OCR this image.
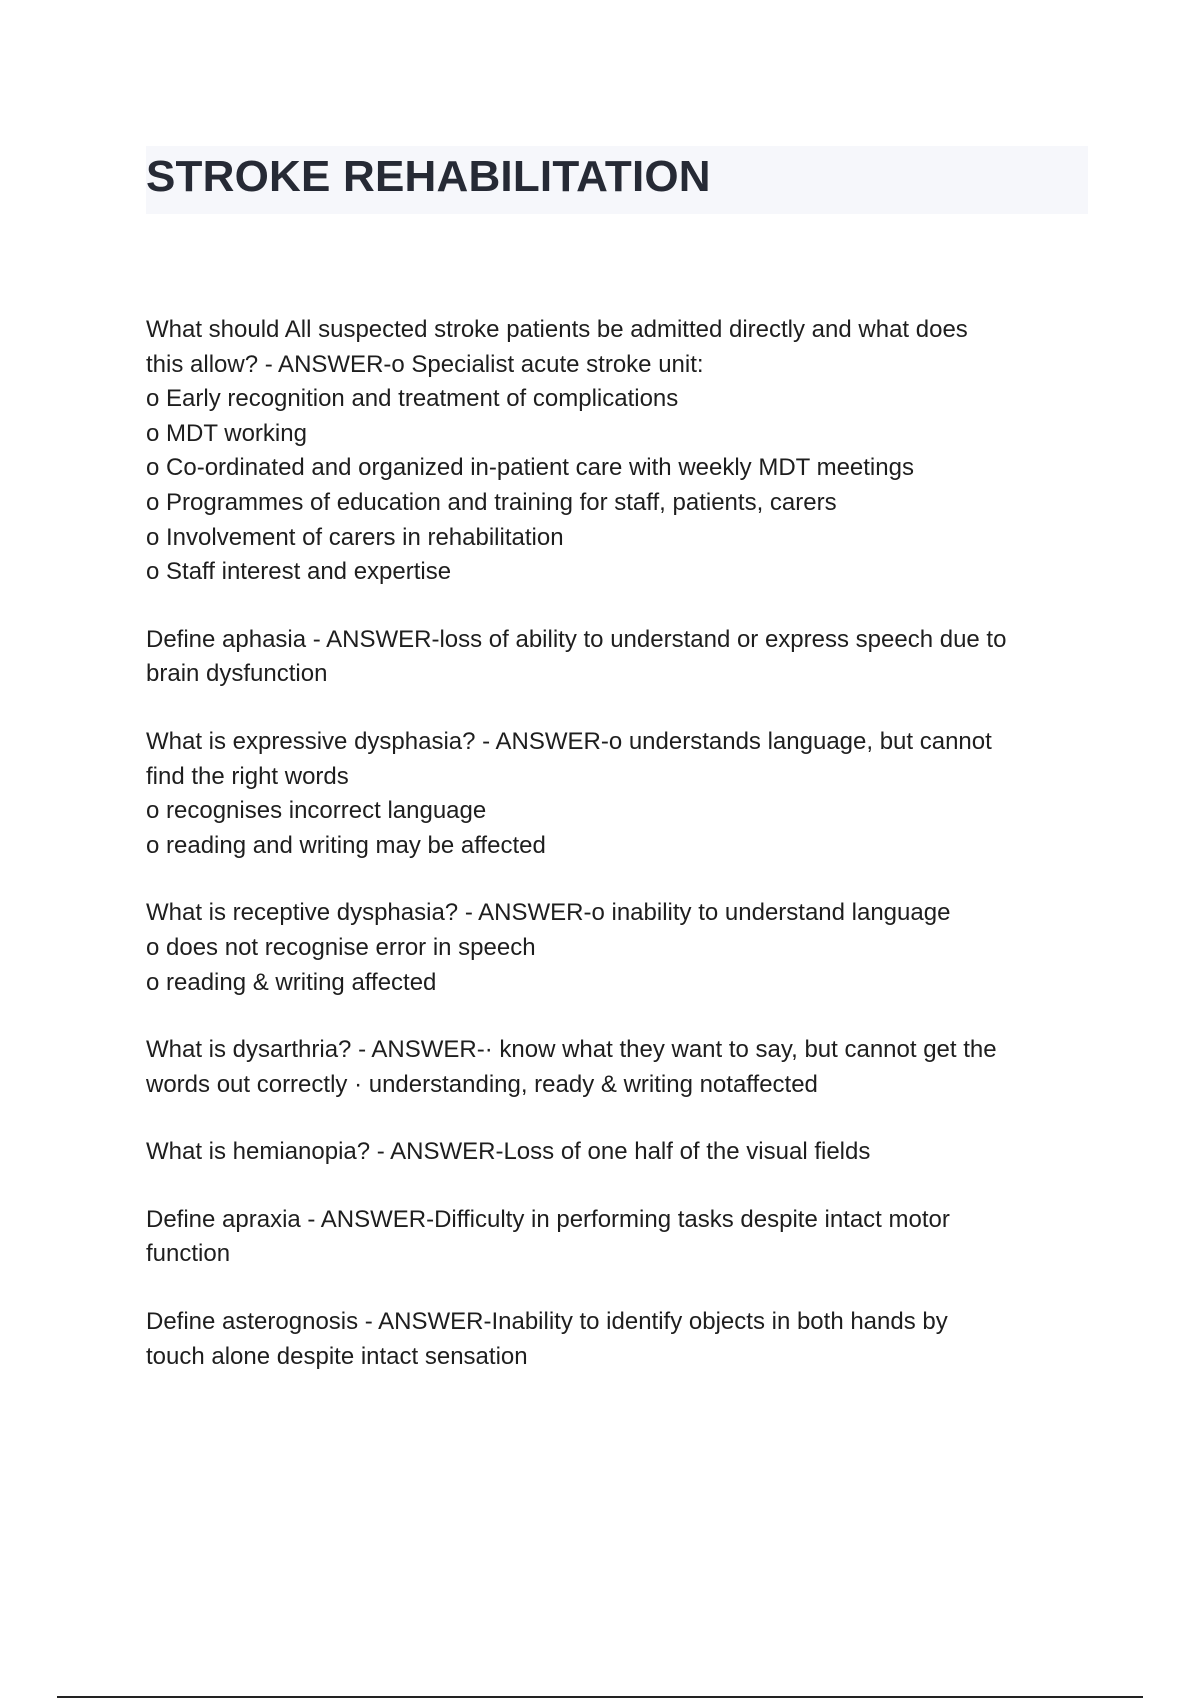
STROKE REHABILITATION
What should All suspected stroke patients be admitted directly and what does
this allow? - ANSWER-o Specialist acute stroke unit:
o Early recognition and treatment of complications
o MDT working
o Co-ordinated and organized in-patient care with weekly MDT meetings
o Programmes of education and training for staff, patients, carers
o Involvement of carers in rehabilitation
o Staff interest and expertise
Define aphasia - ANSWER-loss of ability to understand or express speech due to
brain dysfunction
What is expressive dysphasia? - ANSWER-o understands language, but cannot
find the right words
o recognises incorrect language
o reading and writing may be affected
What is receptive dysphasia? - ANSWER-o inability to understand language
o does not recognise error in speech
o reading & writing affected
What is dysarthria? - ANSWER-· know what they want to say, but cannot get the
words out correctly · understanding, ready & writing notaffected
What is hemianopia? - ANSWER-Loss of one half of the visual fields
Define apraxia - ANSWER-Difficulty in performing tasks despite intact motor
function
Define asterognosis - ANSWER-Inability to identify objects in both hands by
touch alone despite intact sensation
